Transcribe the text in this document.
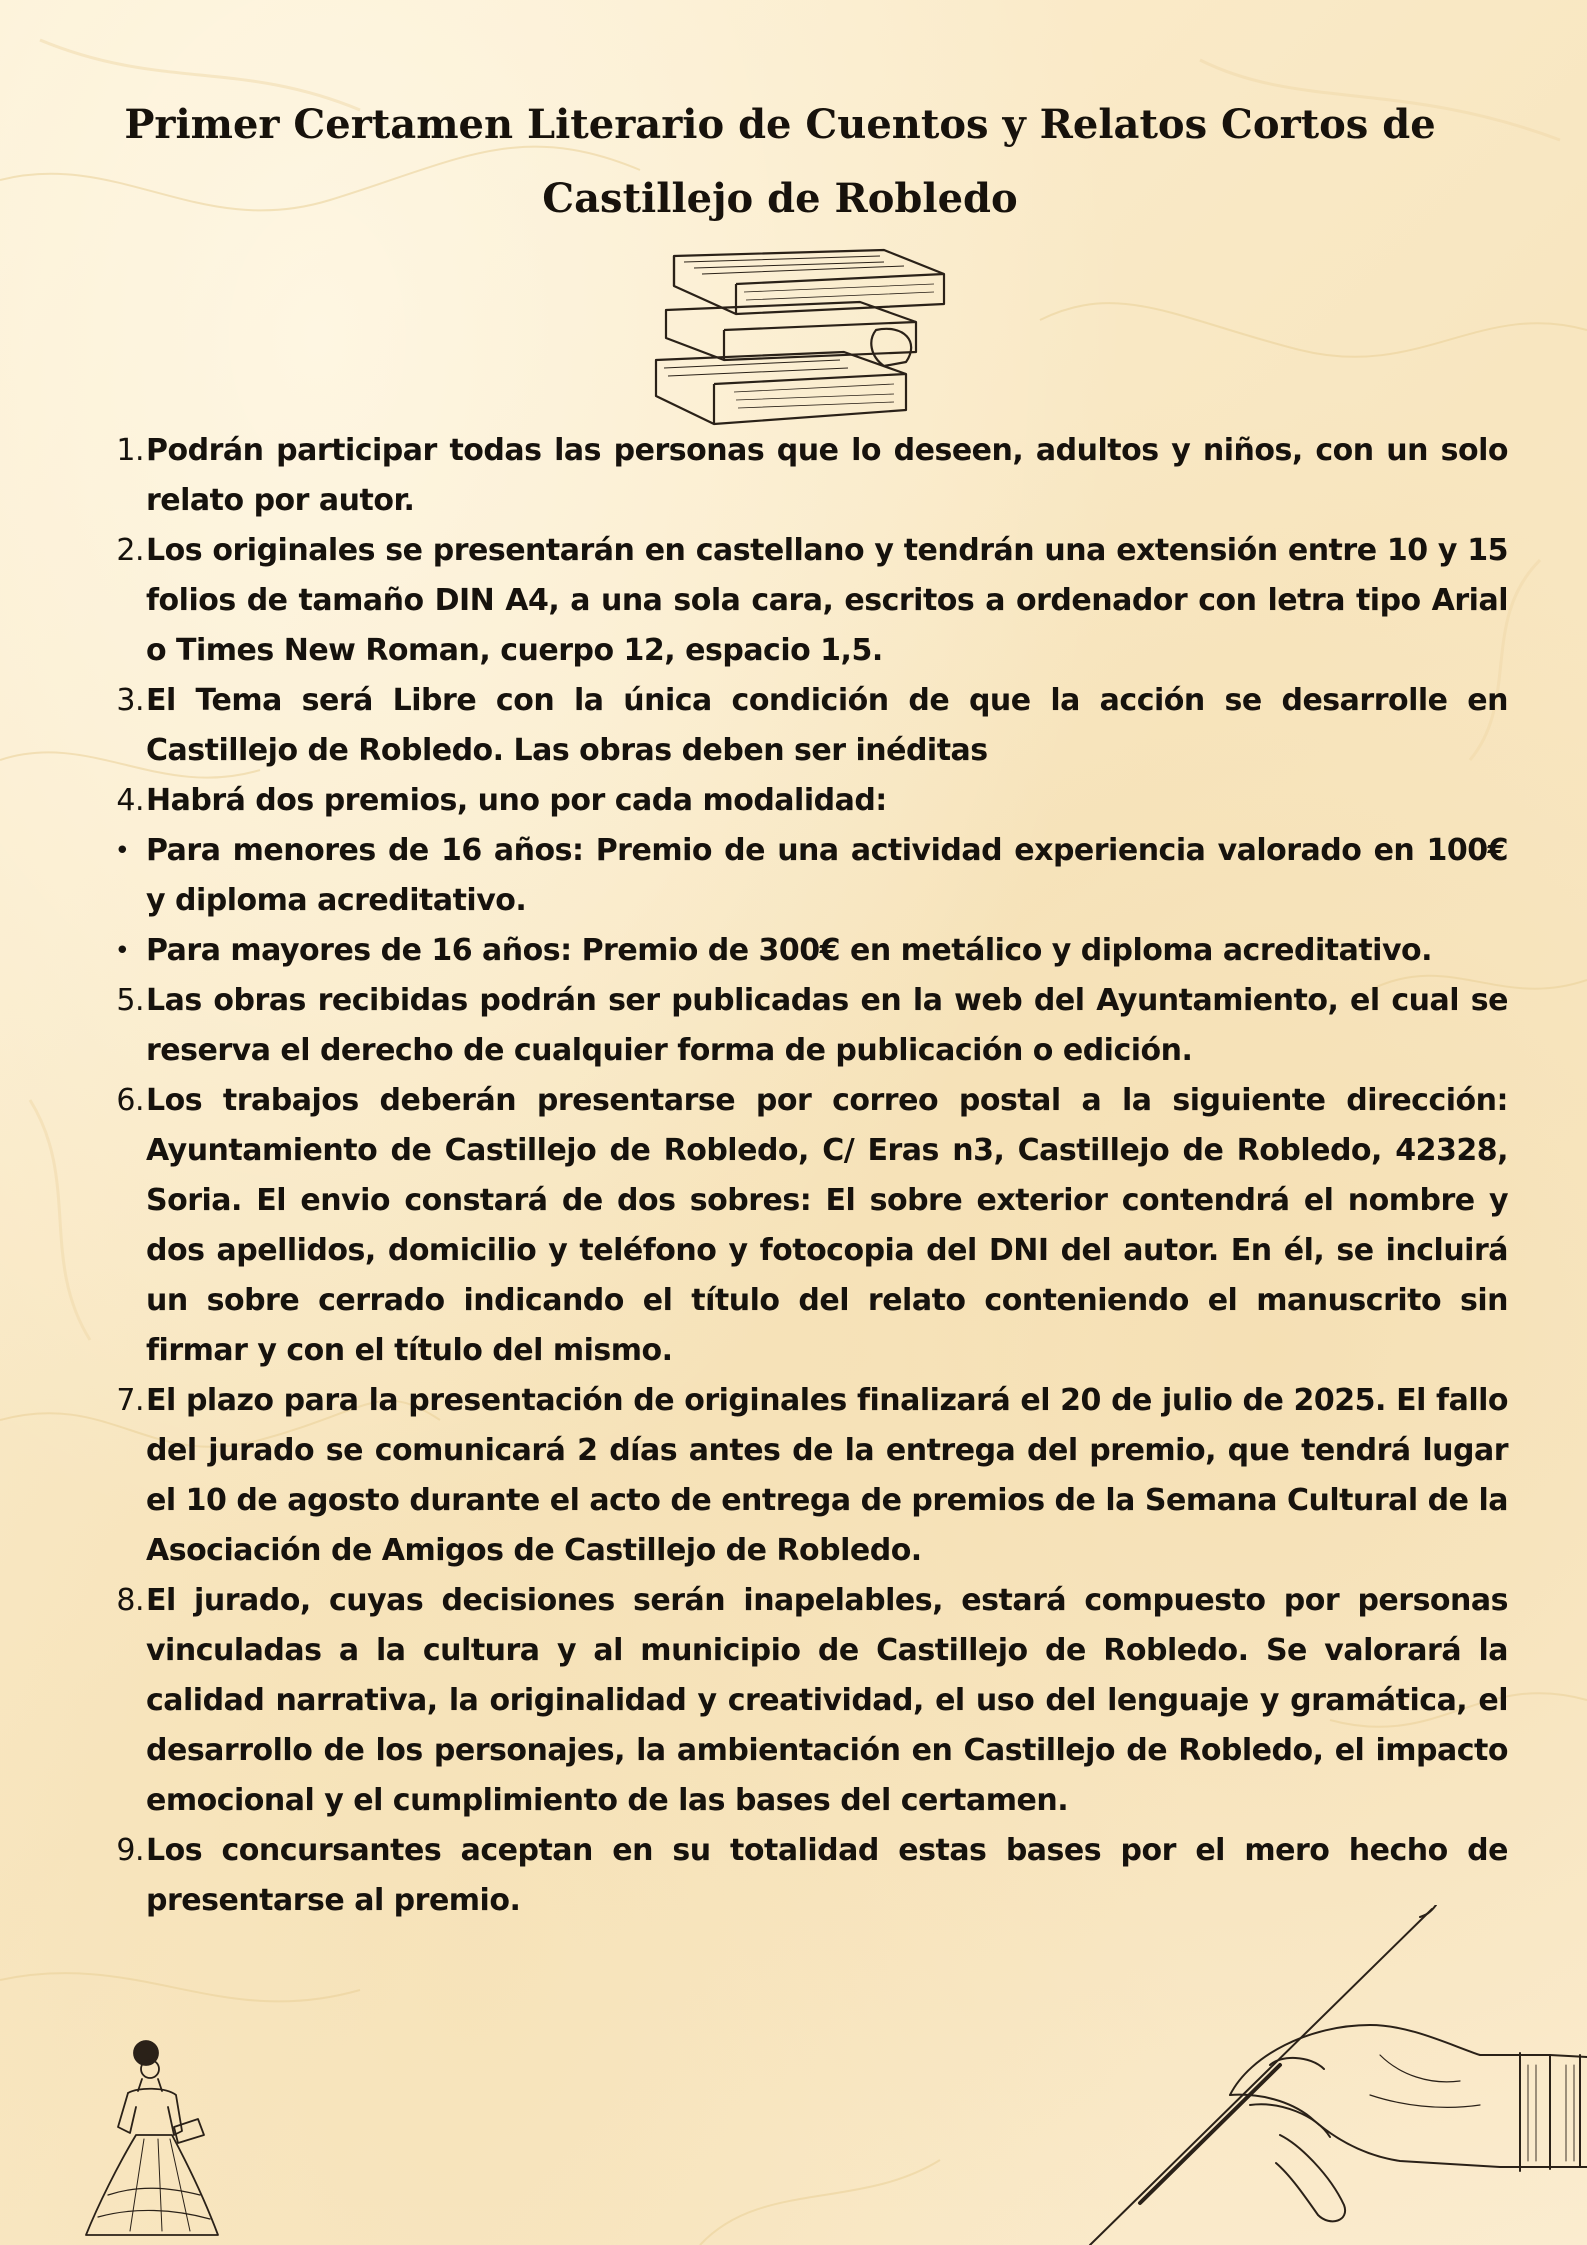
Primer Certamen Literario de Cuentos y Relatos Cortos de Castillejo de Robledo
1. Podrán participar todas las personas que lo deseen, adultos y niños, con un solo relato por autor.
2. Los originales se presentarán en castellano y tendrán una extensión entre 10 y 15 folios de tamaño DIN A4, a una sola cara, escritos a ordenador con letra tipo Arial o Times New Roman, cuerpo 12, espacio 1,5.
3. El Tema será Libre con la única condición de que la acción se desarrolle en Castillejo de Robledo. Las obras deben ser inéditas
4. Habrá dos premios, uno por cada modalidad:
• Para menores de 16 años: Premio de una actividad experiencia valorado en 100€ y diploma acreditativo.
• Para mayores de 16 años: Premio de 300€ en metálico y diploma acreditativo.
5. Las obras recibidas podrán ser publicadas en la web del Ayuntamiento, el cual se reserva el derecho de cualquier forma de publicación o edición.
6. Los trabajos deberán presentarse por correo postal a la siguiente dirección: Ayuntamiento de Castillejo de Robledo, C/ Eras n3, Castillejo de Robledo, 42328, Soria. El envio constará de dos sobres: El sobre exterior contendrá el nombre y dos apellidos, domicilio y teléfono y fotocopia del DNI del autor. En él, se incluirá un sobre cerrado indicando el título del relato conteniendo el manuscrito sin firmar y con el título del mismo.
7. El plazo para la presentación de originales finalizará el 20 de julio de 2025. El fallo del jurado se comunicará 2 días antes de la entrega del premio, que tendrá lugar el 10 de agosto durante el acto de entrega de premios de la Semana Cultural de la Asociación de Amigos de Castillejo de Robledo.
8. El jurado, cuyas decisiones serán inapelables, estará compuesto por personas vinculadas a la cultura y al municipio de Castillejo de Robledo. Se valorará la calidad narrativa, la originalidad y creatividad, el uso del lenguaje y gramática, el desarrollo de los personajes, la ambientación en Castillejo de Robledo, el impacto emocional y el cumplimiento de las bases del certamen.
9. Los concursantes aceptan en su totalidad estas bases por el mero hecho de presentarse al premio.
